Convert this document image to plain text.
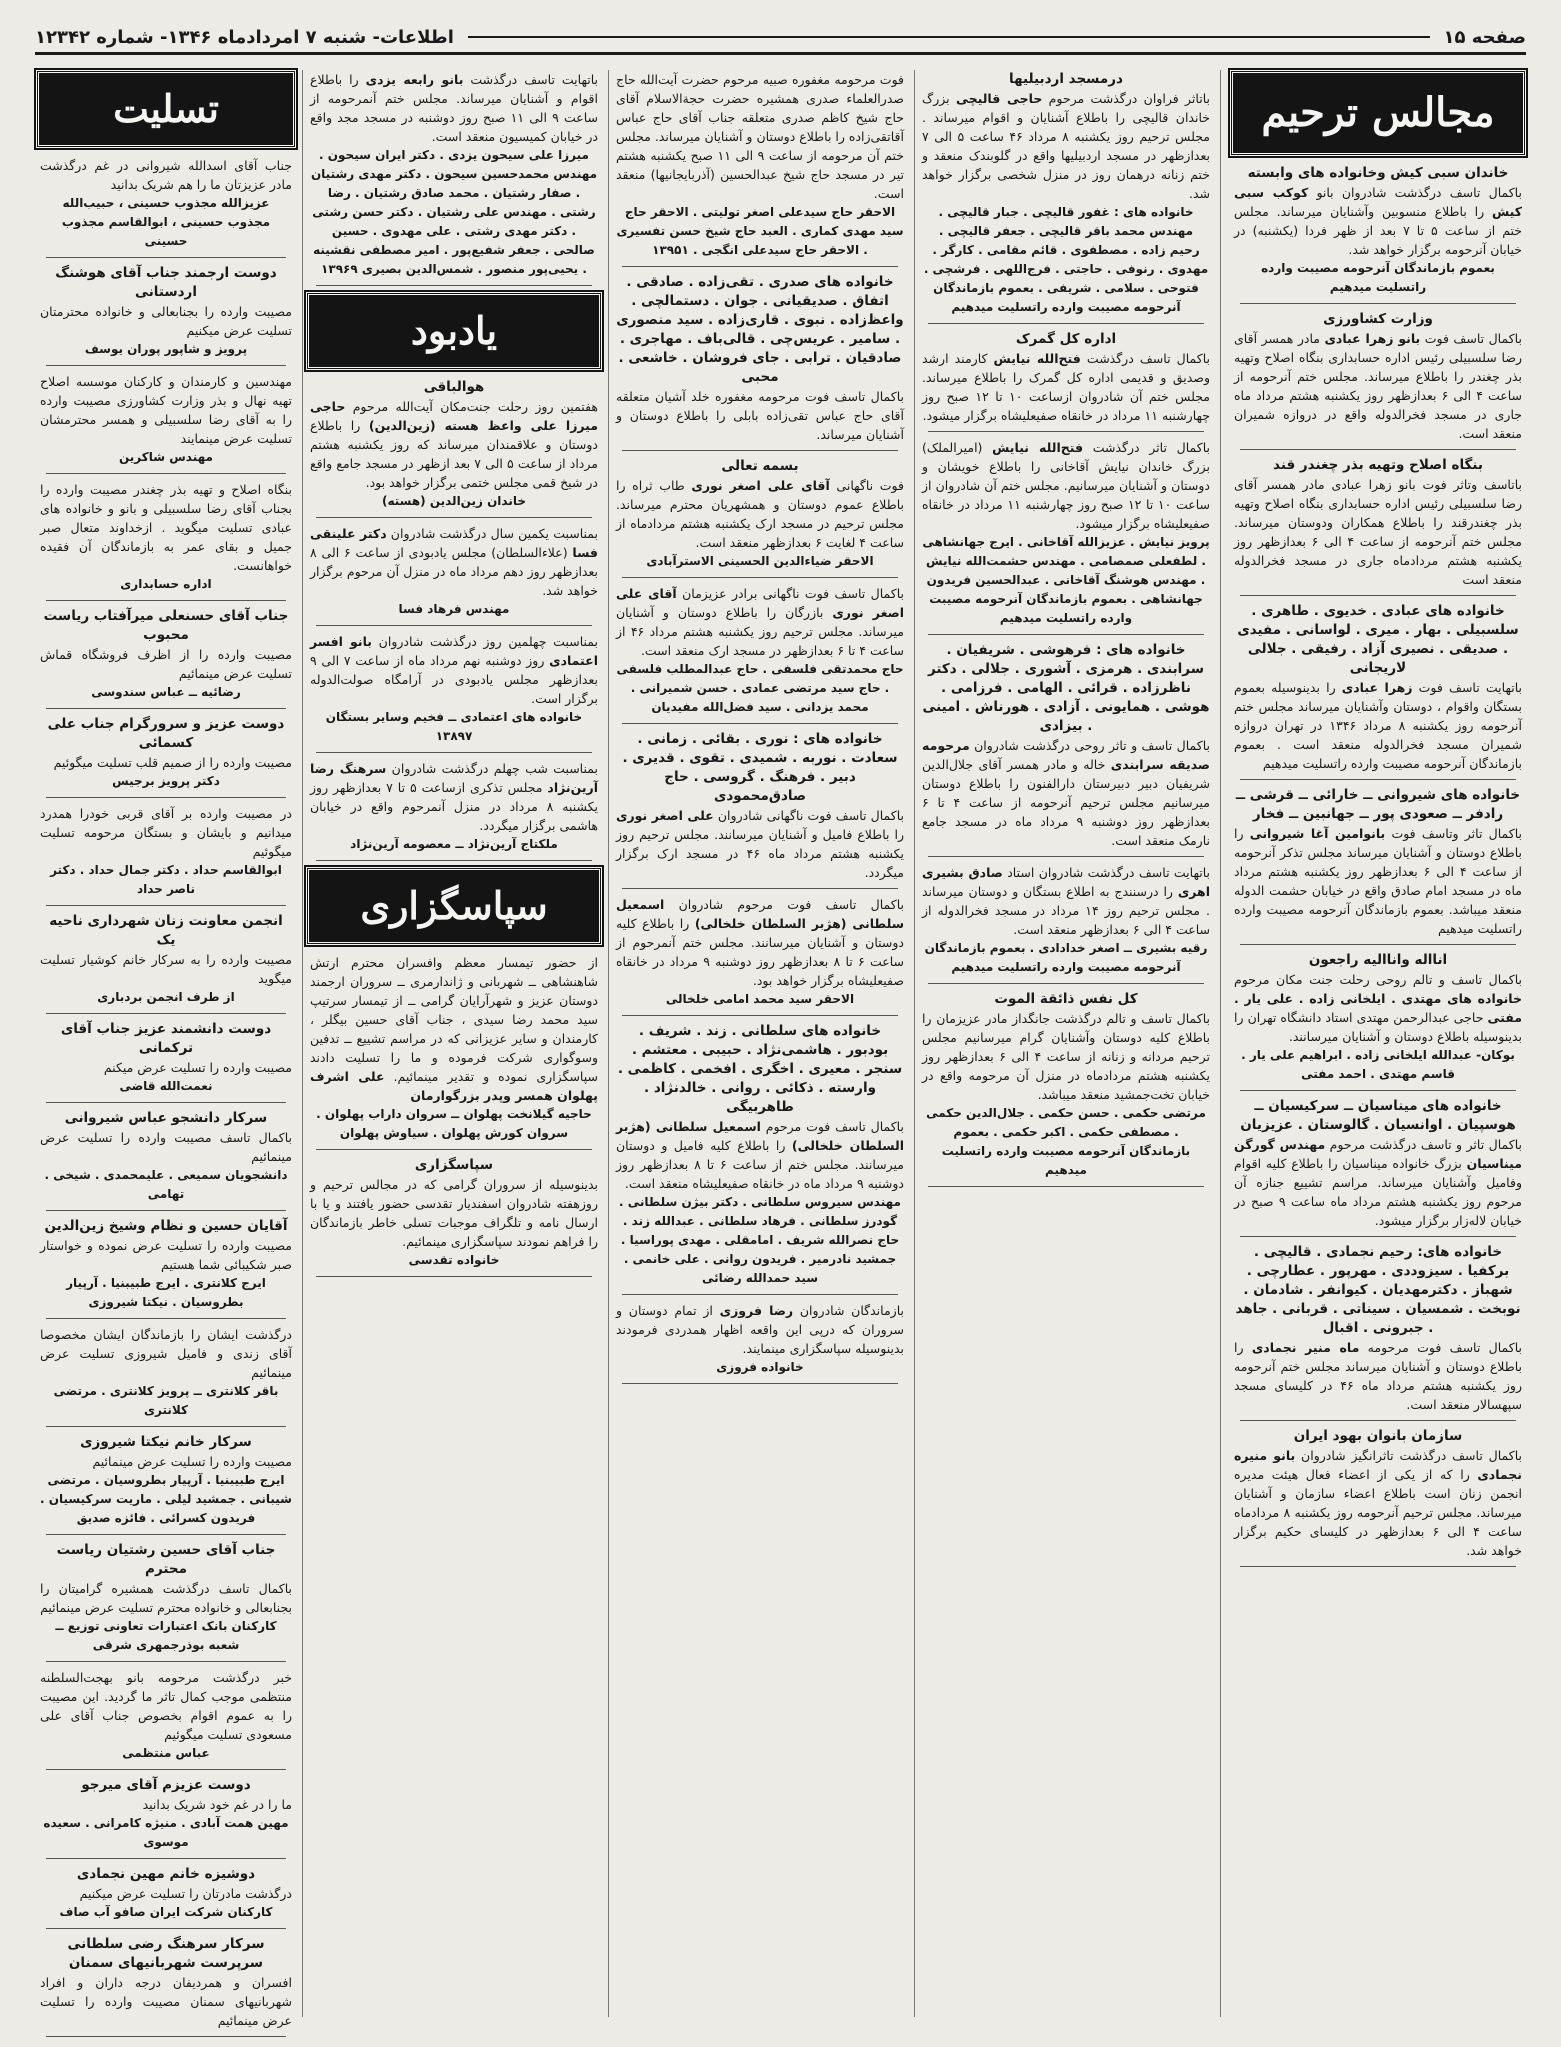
صفحه ۱۵
اطلاعات- شنبه ۷ امردادماه ۱۳۴۶- شماره ۱۲۳۴۲
مجالس ترحیم
خاندان سبی کیش وخانواده های وابسته
باکمال تاسف درگذشت شادروان بانو کوکب سبی کیش را باطلاع منسوبین وآشنایان میرساند. مجلس ختم از ساعت ۵ تا ۷ بعد از ظهر فردا (یکشنبه) در خیابان آنرحومه برگزار خواهد شد.
بعموم بازماندگان آنرحومه مصیبت وارده راتسلیت میدهیم
وزارت کشاورزی
باکمال تاسف فوت بانو زهرا عبادی مادر همسر آقای رضا سلسبیلی رئیس اداره حسابداری بنگاه اصلاح وتهیه بذر چغندر را باطلاع میرساند. مجلس ختم آنرحومه از ساعت ۴ الی ۶ بعدازظهر روز یکشنبه هشتم مرداد ماه جاری در مسجد فخرالدوله واقع در دروازه شمیران منعقد است.
بنگاه اصلاح وتهیه بذر چغندر قند
باتاسف وتاثر فوت بانو زهرا عبادی مادر همسر آقای رضا سلسبیلی رئیس اداره حسابداری بنگاه اصلاح وتهیه بذر چغندرقند را باطلاع همکاران ودوستان میرساند. مجلس ختم آنرحومه از ساعت ۴ الی ۶ بعدازظهر روز یکشنبه هشتم مردادماه جاری در مسجد فخرالدوله منعقد است
خانواده های عبادی . خدیوی . طاهری . سلسبیلی . بهار . میری . لواسانی . مفیدی . صدیقی . نصیری آزاد . رفیقی . جلالی لاریجانی
باتهایت تاسف فوت زهرا عبادی را بدینوسیله بعموم بستگان واقوام ، دوستان وآشنایان میرساند مجلس ختم آنرحومه روز یکشنبه ۸ مرداد ۱۳۴۶ در تهران دروازه شمیران مسجد فخرالدوله منعقد است . بعموم بازماندگان آنرحومه مصیبت وارده راتسلیت میدهیم
خانواده های شیروانی ــ خارائی ــ قرشی ــ رادفر ــ صعودی پور ــ جهانبین ــ فخار
باکمال تاثر وتاسف فوت بانوامین آغا شیروانی را باطلاع دوستان و آشنایان میرساند مجلس تذکر آنرحومه از ساعت ۴ الی ۶ بعدازظهر روز یکشنبه هشتم مرداد ماه در مسجد امام صادق واقع در خیابان حشمت الدوله منعقد میباشد. بعموم بازماندگان آنرحومه مصیبت وارده راتسلیت میدهیم
انااله وانااليه راجعون
باکمال تاسف و تالم روحی رحلت جنت مکان مرحوم خانواده های مهتدی . ایلخانی زاده . علی یار . مفتی حاجی عبدالرحمن مهتدی استاد دانشگاه تهران را بدینوسیله باطلاع دوستان و آشنایان میرسانند.
بوکان- عبدالله ایلخانی زاده . ابراهیم علی یار . قاسم مهتدی . احمد مفتی
خانواده های میناسیان ــ سرکیسیان ــ هوسپیان . اوانسیان . گالوستان . عزیزیان
باکمال تاثر و تاسف درگذشت مرحوم مهندس گورگن میناسیان بزرگ خانواده میناسیان را باطلاع کلیه اقوام وفامیل وآشنایان میرساند. مراسم تشییع جنازه آن مرحوم روز یکشنبه هشتم مرداد ماه ساعت ۹ صبح در خیابان لاله‌زار برگزار میشود.
خانواده های: رحیم نجمادی . قالیچی . برکفیا . سیزوددی . مهرپور . عطارچی . شهباز . دکترمهدیان . کیوانفر . شادمان . نوبخت . شمسیان . سیناتی . قربانی . جاهد . جبرونی . اقبال
باکمال تاسف فوت مرحومه ماه منیر نجمادی را باطلاع دوستان و آشنایان میرساند مجلس ختم آنرحومه روز یکشنبه هشتم مرداد ماه ۴۶ در کلیسای مسجد سپهسالار منعقد است.
سازمان بانوان بهود ایران
باکمال تاسف درگذشت تاثرانگیز شادروان بانو منیره نجمادی را که از یکی از اعضاء فعال هیئت مدیره انجمن زنان است باطلاع اعضاء سازمان و آشنایان میرساند. مجلس ترحیم آنرحومه روز یکشنبه ۸ مردادماه ساعت ۴ الی ۶ بعدازظهر در کلیسای حکیم برگزار خواهد شد.
درمسجد اردبیلیها
باتاثر فراوان درگذشت مرحوم حاجی قالیچی بزرگ خاندان قالیچی را باطلاع آشنایان و اقوام میرساند . مجلس ترحیم روز یکشنبه ۸ مرداد ۴۶ ساعت ۵ الی ۷ بعدازظهر در مسجد اردبیلیها واقع در گلوبندک منعقد و ختم زنانه درهمان روز در منزل شخصی برگزار خواهد شد.
خانواده های : غفور قالیچی . جبار قالیچی . مهندس محمد باقر قالیچی . جعفر قالیچی . رحیم زاده . مصطفوی . قائم مقامی . کارگر . مهدوی . رنوفی . حاجتی . فرج‌اللهی . فرشچی . فتوحی . سلامی . شریفی . بعموم بازماندگان آنرحومه مصیبت وارده راتسلیت میدهیم
اداره کل گمرک
باکمال تاسف درگذشت فتح‌الله نیایش کارمند ارشد وصدیق و قدیمی اداره کل گمرک را باطلاع میرساند. مجلس ختم آن شادروان ازساعت ۱۰ تا ۱۲ صبح روز چهارشنبه ۱۱ مرداد در خانقاه صفیعلیشاه برگزار میشود.
باکمال تاثر درگذشت فتح‌الله نیایش (امیرالملک) بزرگ خاندان نیایش آقاخانی را باطلاع خویشان و دوستان و آشنایان میرسانیم. مجلس ختم آن شادروان از ساعت ۱۰ تا ۱۲ صبح روز چهارشنبه ۱۱ مرداد در خانقاه صفیعلیشاه برگزار میشود.
پرویز نیایش . عزیزالله آقاخانی . ایرج جهانشاهی . لطفعلی صمصامی . مهندس حشمت‌الله نیایش . مهندس هوشنگ آقاخانی . عبدالحسین فریدون جهانشاهی . بعموم بازماندگان آنرحومه مصیبت وارده راتسلیت میدهیم
خانواده های : فرهوشی . شریفیان . سرابندی . هرمزی . آشوری . جلالی . دکتر ناظرزاده . قرائی . الهامی . فرزامی . هوشی . همایونی . آزادی . هورناش . امینی . بیزادی
باکمال تاسف و تاثر روحی درگذشت شادروان مرحومه صدیقه سرابندی خاله و مادر همسر آقای جلال‌الدین شریفیان دبیر دبیرستان دارالفنون را باطلاع دوستان میرسانیم مجلس ترحیم آنرحومه از ساعت ۴ تا ۶ بعدازظهر روز دوشنبه ۹ مرداد ماه در مسجد جامع نارمک منعقد است.
باتهایت تاسف درگذشت شادروان استاد صادق بشیری اهری را درسنندج به اطلاع بستگان و دوستان میرساند . مجلس ترحیم روز ۱۴ مرداد در مسجد فخرالدوله از ساعت ۴ الی ۶ بعدازظهر منعقد است.
رقیه بشیری ــ اصغر خدادادی . بعموم بازماندگان آنرحومه مصیبت وارده راتسلیت میدهیم
کل نفس ذائقة الموت
باکمال تاسف و تالم درگذشت جانگداز مادر عزیزمان را باطلاع کلیه دوستان وآشنایان گرام میرسانیم مجلس ترحیم مردانه و زنانه از ساعت ۴ الی ۶ بعدازظهر روز یکشنبه هشتم مردادماه در منزل آن مرحومه واقع در خیابان تخت‌جمشید منعقد میباشد.
مرتضی حکمی . حسن حکمی . جلال‌الدین حکمی . مصطفی حکمی . اکبر حکمی . بعموم بازماندگان آنرحومه مصیبت وارده راتسلیت میدهیم
فوت مرحومه مغفوره صبیه مرحوم حضرت آیت‌الله حاج صدرالعلماء صدری همشیره حضرت حجة‌الاسلام آقای حاج شیخ کاظم صدری متعلقه جناب آقای حاج عباس آقاتقی‌زاده را باطلاع دوستان و آشنایان میرساند. مجلس ختم آن مرحومه از ساعت ۹ الی ۱۱ صبح یکشنبه هشتم تیر در مسجد حاج شیخ عبدالحسین (آذربایجانیها) منعقد است.
الاحقر حاج سیدعلی اصغر تولیتی . الاحقر حاج سید مهدی کماری . العبد حاج شیخ حسن تفسیری . الاحقر حاج سیدعلی انگجی . ۱۳۹۵۱
خانواده های صدری . تقی‌زاده . صادقی . اتفاق . صدیقیانی . جوان . دستمالچی . واعظ‌زاده . نبوی . قاری‌زاده . سید منصوری . سامیر . عریس‌چی . قالی‌باف . مهاجری . صادقیان . ترابی . جای فروشان . خاشعی . محبی
باکمال تاسف فوت مرحومه مغفوره خلد آشیان متعلقه آقای حاج عباس تقی‌زاده بابلی را باطلاع دوستان و آشنایان میرساند.
بسمه تعالی
فوت ناگهانی آقای علی اصغر نوری طاب ثراه را باطلاع عموم دوستان و همشهریان محترم میرساند. مجلس ترحیم در مسجد ارک یکشنبه هشتم مردادماه از ساعت ۴ لغایت ۶ بعدازظهر منعقد است.
الاحقر ضیاءالدین الحسینی الاسترآبادی
باکمال تاسف فوت ناگهانی برادر عزیزمان آقای علی اصغر نوری بازرگان را باطلاع دوستان و آشنایان میرساند. مجلس ترحیم روز یکشنبه هشتم مرداد ۴۶ از ساعت ۴ تا ۶ بعدازظهر در مسجد ارک منعقد است.
حاج محمدتقی فلسفی . حاج عبدالمطلب فلسفی . حاج سید مرتضی عمادی . حسن شمیرانی . محمد یزدانی . سید فضل‌الله مفیدیان
خانواده های : نوری . بقائی . زمانی . سعادت . نوربه . شمیدی . تقوی . قدیری . دبیر . فرهنگ . گروسی . حاج صادق‌محمودی
باکمال تاسف فوت ناگهانی شادروان علی اصغر نوری را باطلاع فامیل و آشنایان میرسانند. مجلس ترحیم روز یکشنبه هشتم مرداد ماه ۴۶ در مسجد ارک برگزار میگردد.
باکمال تاسف فوت مرحوم شادروان اسمعیل سلطانی (هژبر السلطان خلخالی) را باطلاع کلیه دوستان و آشنایان میرسانند. مجلس ختم آنمرحوم از ساعت ۶ تا ۸ بعدازظهر روز دوشنبه ۹ مرداد در خانقاه صفیعلیشاه برگزار خواهد بود.
الاحقر سید محمد امامی خلخالی
خانواده های سلطانی . زند . شریف . بودبور . هاشمی‌نژاد . حبیبی . معتشم . سنجر . معیری . اخگری . افخمی . کاظمی . وارسته . ذکائی . روانی . خالدنژاد . طاهربیگی
باکمال تاسف فوت مرحوم اسمعیل سلطانی (هژبر السلطان خلخالی) را باطلاع کلیه فامیل و دوستان میرسانند. مجلس ختم از ساعت ۶ تا ۸ بعدازظهر روز دوشنبه ۹ مرداد ماه در خانقاه صفیعلیشاه منعقد است.
مهندس سیروس سلطانی . دکتر بیژن سلطانی . گودرز سلطانی . فرهاد سلطانی . عبدالله زند . حاج نصرالله شریف . امامقلی . مهدی پوراسیا . جمشید نادرمیر . فریدون روانی . علی خانمی . سید حمدالله رضائی
بازماندگان شادروان رضا فروزی از تمام دوستان و سروران که درپی این واقعه اظهار همدردی فرمودند بدینوسیله سپاسگزاری مینمایند.
خانواده فروزی
باتهایت تاسف درگذشت بانو رابعه یزدی را باطلاع اقوام و آشنایان میرساند. مجلس ختم آنمرحومه از ساعت ۹ الی ۱۱ صبح روز دوشنبه در مسجد مجد واقع در خیابان کمیسیون منعقد است.
میرزا علی سیحون یزدی . دکتر ایران سیحون . مهندس محمدحسین سیحون . دکتر مهدی رشتیان . صفار رشتیان . محمد صادق رشتیان . رضا رشتی . مهندس علی رشتیان . دکتر حسن رشتی . دکتر مهدی رشتی . علی مهدوی . حسین صالحی . جعفر شفیع‌پور . امیر مصطفی نقشینه . یحیی‌پور منصور . شمس‌الدین بصیری ۱۳۹۶۹
یادبود
هوالباقی
هفتمین روز رحلت جنت‌مکان آیت‌الله مرحوم حاجی میرزا علی واعظ هسته (زین‌الدین) را باطلاع دوستان و علاقمندان میرساند که روز یکشنبه هشتم مرداد از ساعت ۵ الی ۷ بعد ازظهر در مسجد جامع واقع در شیخ قمی مجلس ختمی برگزار خواهد بود.
خاندان زین‌الدین (هسته)
بمناسبت یکمین سال درگذشت شادروان دکتر علینقی فسا (علاءالسلطان) مجلس یادبودی از ساعت ۶ الی ۸ بعدازظهر روز دهم مرداد ماه در منزل آن مرحوم برگزار خواهد شد.
مهندس فرهاد فسا
بمناسبت چهلمین روز درگذشت شادروان بانو افسر اعتمادی روز دوشنبه نهم مرداد ماه از ساعت ۷ الی ۹ بعدازظهر مجلس یادبودی در آرامگاه صولت‌الدوله برگزار است.
خانواده های اعتمادی ــ فخیم وسایر بستگان ۱۳۸۹۷
بمناسبت شب چهلم درگذشت شادروان سرهنگ رضا آرین‌نژاد مجلس تذکری ازساعت ۵ تا ۷ بعدازظهر روز یکشنبه ۸ مرداد در منزل آنمرحوم واقع در خیابان هاشمی برگزار میگردد.
ملکتاج آرین‌نژاد ــ معصومه آرین‌نژاد
سپاسگزاری
از حضور تیمسار معظم وافسران محترم ارتش شاهنشاهی ــ شهربانی و ژاندارمری ــ سروران ارجمند دوستان عزیز و شهرآرایان گرامی ــ از تیمسار سرتیپ سید محمد رضا سیدی ، جناب آقای حسین بیگلر ، کارمندان و سایر عزیزانی که در مراسم تشییع ــ تدفین وسوگواری شرکت فرموده و ما را تسلیت دادند سپاسگزاری نموده و تقدیر مینمائیم. علی اشرف پهلوان همسر وپدر بزرگوارمان
حاجیه گیلانخت پهلوان ــ سروان داراب پهلوان . سروان کورش پهلوان . سیاوش پهلوان
سپاسگزاری
بدینوسیله از سروران گرامی که در مجالس ترحیم و روزهفته شادروان اسفندیار تقدسی حضور یافتند و یا با ارسال نامه و تلگراف موجبات تسلی خاطر بازماندگان را فراهم نمودند سپاسگزاری مینمائیم.
خانواده تقدسی
تسلیت
جناب آقای اسدالله شیروانی در غم درگذشت مادر عزیزتان ما را هم شریک بدانید
عزیزالله مجذوب حسینی ، حبیب‌الله مجذوب حسینی ، ابوالقاسم مجذوب حسینی
دوست ارجمند جناب آقای هوشنگ اردستانی
مصیبت وارده را بجنابعالی و خانواده محترمتان تسلیت عرض میکنیم
پرویز و شاپور پوران یوسف
مهندسین و کارمندان و کارکنان موسسه اصلاح تهیه نهال و بذر وزارت کشاورزی مصیبت وارده را به آقای رضا سلسبیلی و همسر محترمشان تسلیت عرض مینمایند
مهندس شاکرین
بنگاه اصلاح و تهیه بذر چغندر مصیبت وارده را بجناب آقای رضا سلسبیلی و بانو و خانواده های عبادی تسلیت میگوید . ازخداوند متعال صبر جمیل و بقای عمر به بازماندگان آن فقیده خواهانست.
اداره حسابداری
جناب آقای حسنعلی میرآفتاب ریاست محبوب
مصیبت وارده را از اظرف فروشگاه قماش تسلیت عرض مینمائیم
رضائیه ــ عباس سندوسی
دوست عزیز و سرورگرام جناب علی کسمائی
مصیبت وارده را از صمیم قلب تسلیت میگوئیم
دکتر پرویز برجیس
در مصیبت وارده بر آقای قربی خودرا همدرد میدانیم و بایشان و بستگان مرحومه تسلیت میگوئیم
ابوالقاسم حداد . دکتر جمال حداد . دکتر ناصر حداد
انجمن معاونت زنان شهرداری ناحیه یک
مصیبت وارده را به سرکار خانم کوشیار تسلیت میگوید
از طرف انجمن بردباری
دوست دانشمند عزیز جناب آقای ترکمانی
مصیبت وارده را تسلیت عرض میکنم
نعمت‌الله قاضی
سرکار دانشجو عباس شیروانی
باکمال تاسف مصیبت وارده را تسلیت عرض مینمائیم
دانشجویان سمیعی . علیمحمدی . شیخی . تهامی
آقایان حسین و نظام وشیخ زین‌الدین
مصیبت وارده را تسلیت عرض نموده و خواستار صبر شکیبائی شما هستیم
ایرج کلانتری . ایرج طبیبنیا . آرپیار بطروسیان . نیکتا شیروزی
درگذشت ایشان را بازماندگان ایشان مخصوصا آقای زندی و فامیل شیروزی تسلیت عرض مینمائیم
باقر کلانتری ــ پرویز کلانتری . مرتضی کلانتری
سرکار خانم نیکتا شیروزی
مصیبت وارده را تسلیت عرض مینمائیم
ایرج طبیبنیا . آرپیار بطروسیان . مرتضی شیبانی . جمشید لیلی . ماریت سرکیسیان . فریدون کسرائی . فائزه صدیق
جناب آقای حسین رشتیان ریاست محترم
باکمال تاسف درگذشت همشیره گرامیتان را بجنابعالی و خانواده محترم تسلیت عرض مینمائیم
کارکنان بانک اعتبارات تعاونی توزیع ــ شعبه بوذرجمهری شرقی
خبر درگذشت مرحومه بانو بهجت‌السلطنه منتظمی موجب کمال تاثر ما گردید. این مصیبت را به عموم اقوام بخصوص جناب آقای علی مسعودی تسلیت میگوئیم
عباس منتظمی
دوست عزیزم آقای میرجو
ما را در غم خود شریک بدانید
مهین همت آبادی . منیژه کامرانی . سعیده موسوی
دوشیزه خانم مهین نجمادی
درگذشت مادرتان را تسلیت عرض میکنیم
کارکنان شرکت ایران صافو آب صاف
سرکار سرهنگ رضی سلطانی سرپرست شهربانیهای سمنان
افسران و همردیفان درجه داران و افراد شهربانیهای سمنان مصیبت وارده را تسلیت عرض مینمائیم
